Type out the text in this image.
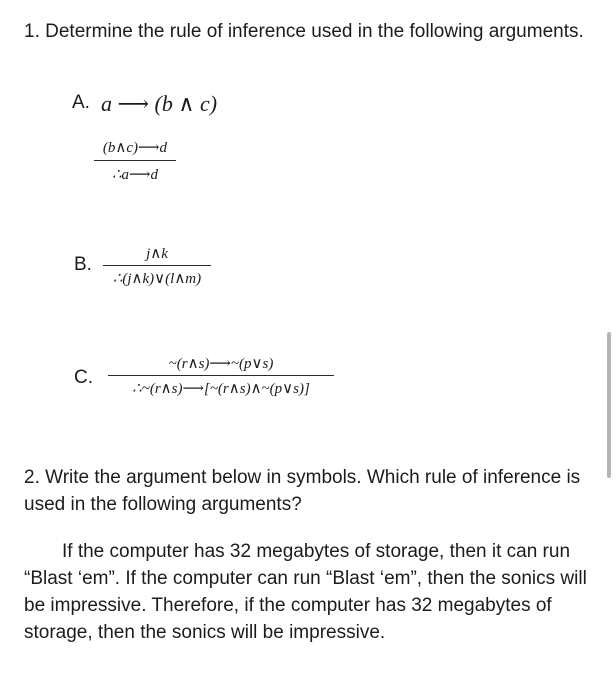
1. Determine the rule of inference used in the following arguments.
A. a ⟶ (b ∧ c)
(b∧c)⟶d
∴a⟶d
B.	j∧k
∴(j∧k)∨(l∧m)
C.
~(r∧s)⟶~(p∨s)
∴~(r∧s)⟶[~(r∧s)∧~(p∨s)]
2. Write the argument below in symbols. Which rule of inference is used in the following arguments?
If the computer has 32 megabytes of storage, then it can run “Blast ‘em”. If the computer can run “Blast ‘em”, then the sonics will be impressive. Therefore, if the computer has 32 megabytes of storage, then the sonics will be impressive.
